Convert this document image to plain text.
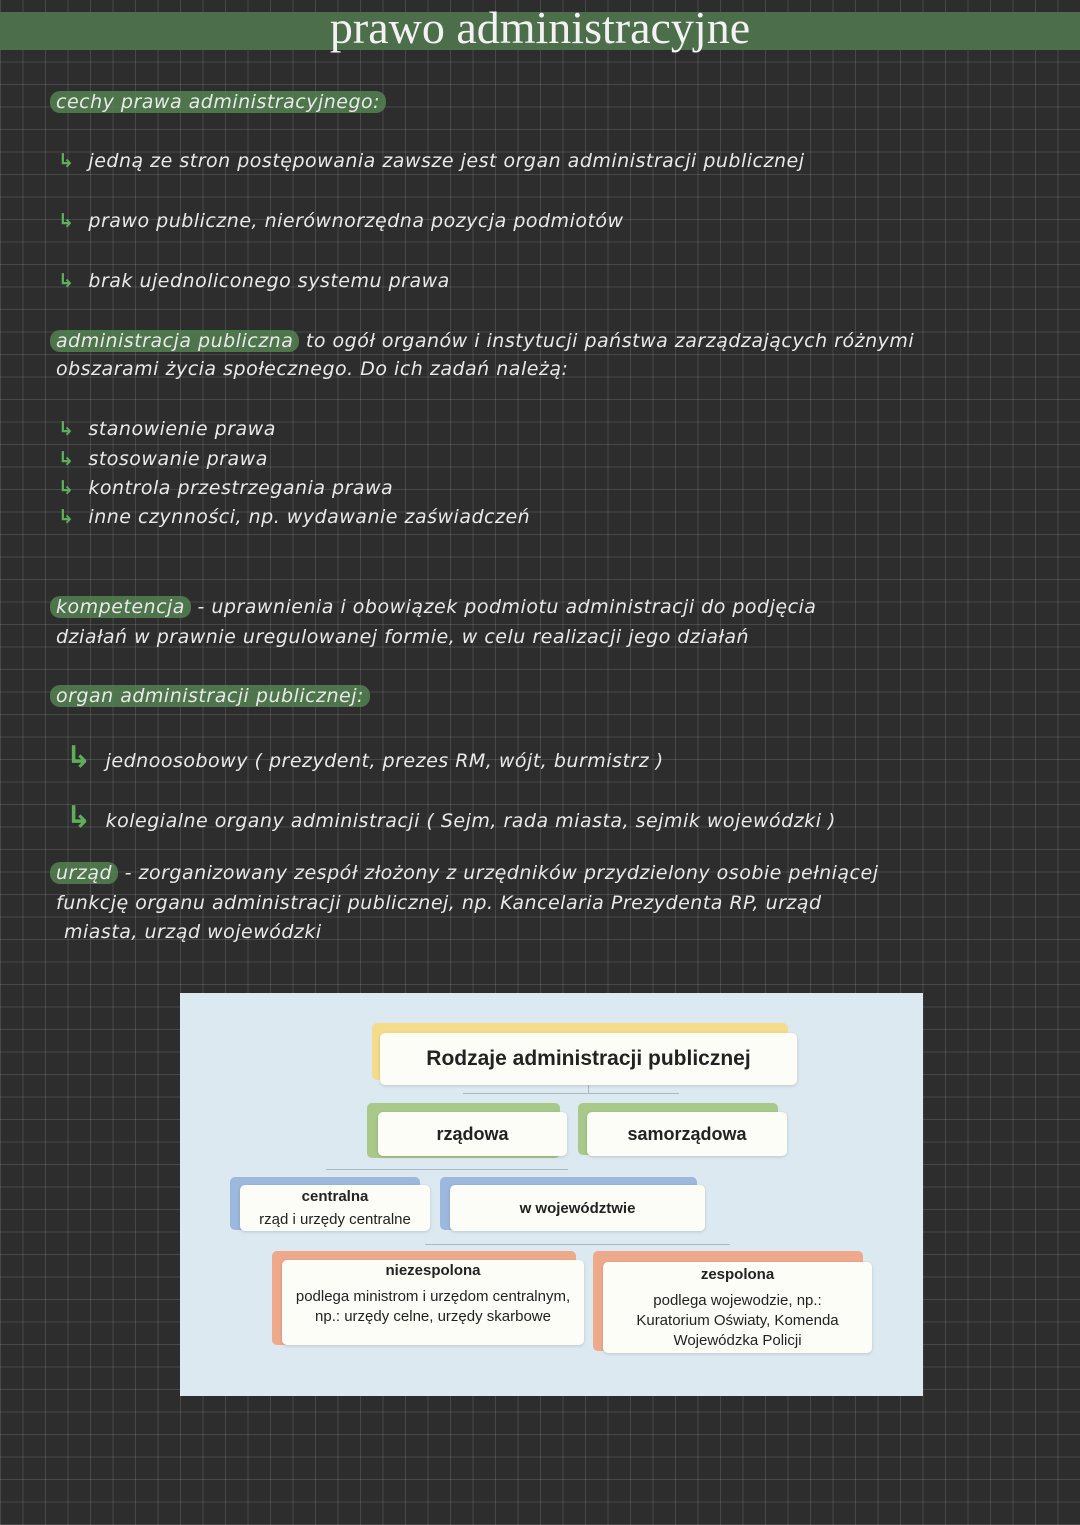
prawo administracyjne
cechy prawa administracyjnego:
↳ jedną ze stron postępowania zawsze jest organ administracji publicznej
↳ prawo publiczne, nierównorzędna pozycja podmiotów
↳ brak ujednoliconego systemu prawa
administracja publiczna to ogół organów i instytucji państwa zarządzających różnymi
obszarami życia społecznego. Do ich zadań należą:
↳ stanowienie prawa
↳ stosowanie prawa
↳ kontrola przestrzegania prawa
↳ inne czynności, np. wydawanie zaświadczeń
kompetencja - uprawnienia i obowiązek podmiotu administracji do podjęcia
działań w prawnie uregulowanej formie, w celu realizacji jego działań
organ administracji publicznej:
↳ jednoosobowy ( prezydent, prezes RM, wójt, burmistrz )
↳ kolegialne organy administracji ( Sejm, rada miasta, sejmik wojewódzki )
urząd - zorganizowany zespół złożony z urzędników przydzielony osobie pełniącej
funkcję organu administracji publicznej, np. Kancelaria Prezydenta RP, urząd
miasta, urząd wojewódzki
Rodzaje administracji publicznej
rządowa	samorządowa
centralna
rząd i urzędy centralne
w województwie
niezespolona
podlega ministrom i urzędom centralnym, np.: urzędy celne, urzędy skarbowe
zespolona
podlega wojewodzie, np.: Kuratorium Oświaty, Komenda Wojewódzka Policji
